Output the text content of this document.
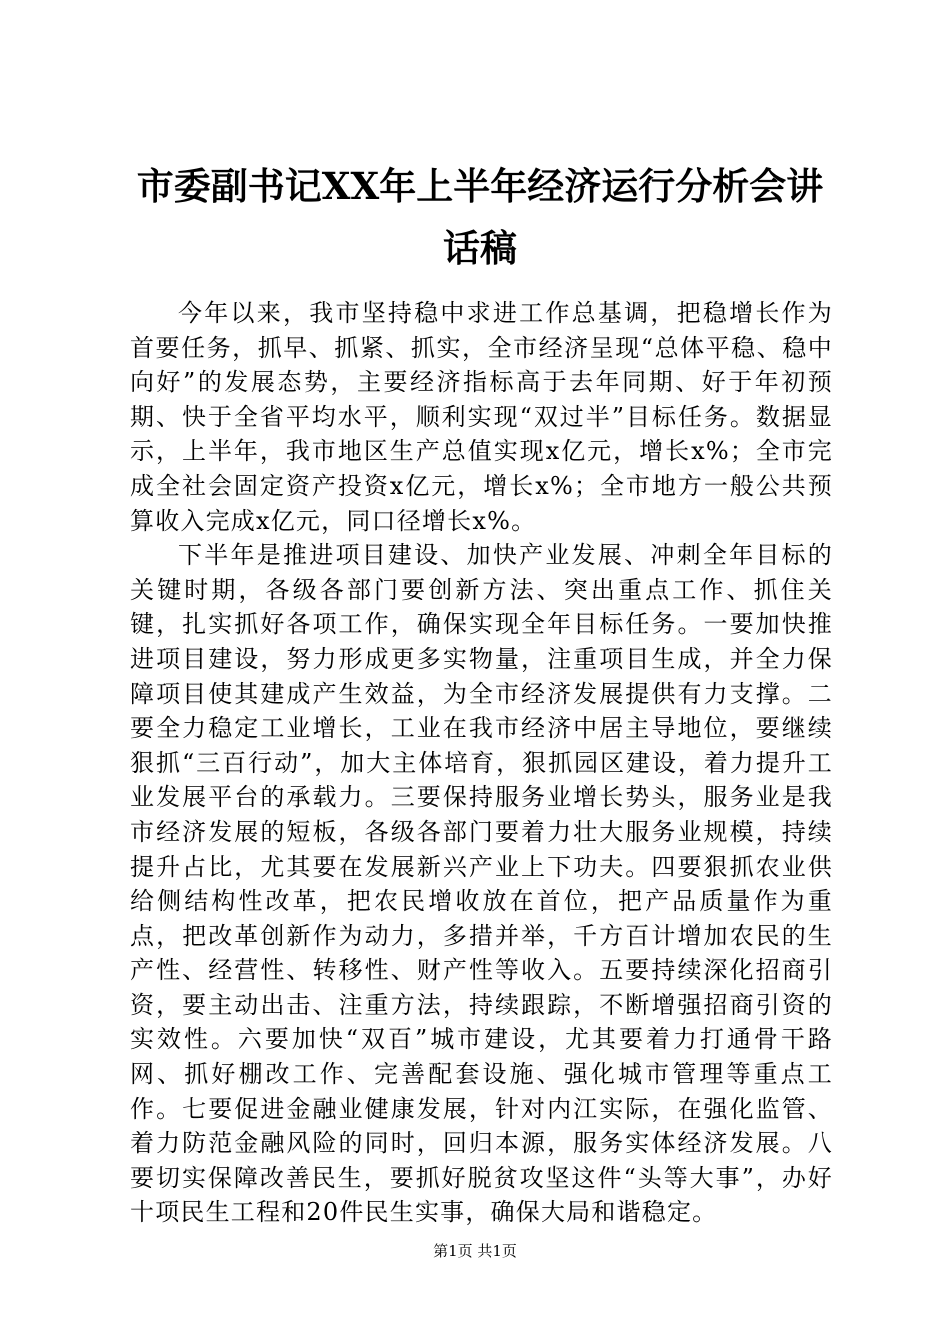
市委副书记XX年上半年经济运行分析会讲话稿

今年以来，我市坚持稳中求进工作总基调，把稳增长作为首要任务，抓早、抓紧、抓实，全市经济呈现“总体平稳、稳中向好”的发展态势，主要经济指标高于去年同期、好于年初预期、快于全省平均水平，顺利实现“双过半”目标任务。数据显示，上半年，我市地区生产总值实现x亿元，增长x%；全市完成全社会固定资产投资x亿元，增长x%；全市地方一般公共预算收入完成x亿元，同口径增长x%。

下半年是推进项目建设、加快产业发展、冲刺全年目标的关键时期，各级各部门要创新方法、突出重点工作、抓住关键，扎实抓好各项工作，确保实现全年目标任务。一要加快推进项目建设，努力形成更多实物量，注重项目生成，并全力保障项目使其建成产生效益，为全市经济发展提供有力支撑。二要全力稳定工业增长，工业在我市经济中居主导地位，要继续狠抓“三百行动”，加大主体培育，狠抓园区建设，着力提升工业发展平台的承载力。三要保持服务业增长势头，服务业是我市经济发展的短板，各级各部门要着力壮大服务业规模，持续提升占比，尤其要在发展新兴产业上下功夫。四要狠抓农业供给侧结构性改革，把农民增收放在首位，把产品质量作为重点，把改革创新作为动力，多措并举，千方百计增加农民的生产性、经营性、转移性、财产性等收入。五要持续深化招商引资，要主动出击、注重方法，持续跟踪，不断增强招商引资的实效性。六要加快“双百”城市建设，尤其要着力打通骨干路网、抓好棚改工作、完善配套设施、强化城市管理等重点工作。七要促进金融业健康发展，针对内江实际，在强化监管、着力防范金融风险的同时，回归本源，服务实体经济发展。八要切实保障改善民生，要抓好脱贫攻坚这件“头等大事”，办好十项民生工程和20件民生实事，确保大局和谐稳定。

第1页 共1页
